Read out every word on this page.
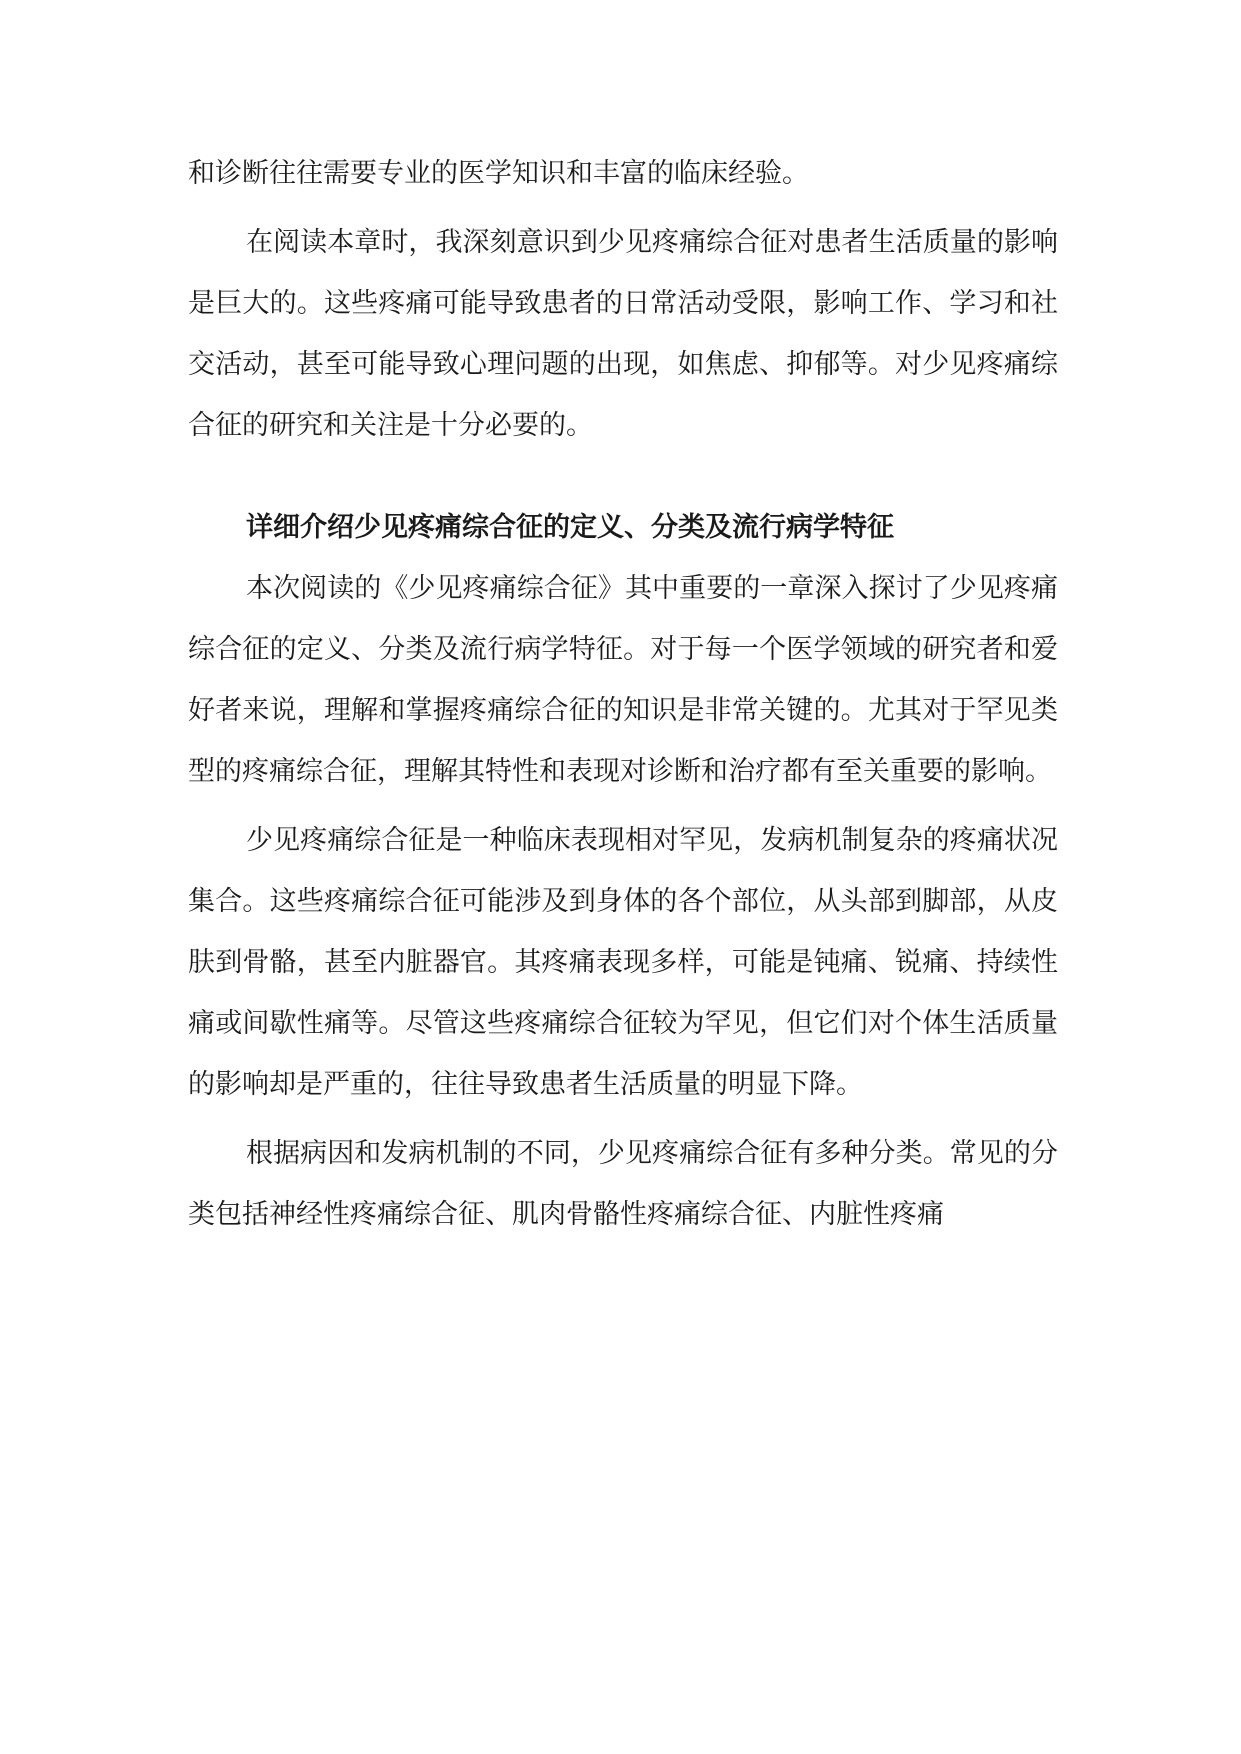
和诊断往往需要专业的医学知识和丰富的临床经验。

在阅读本章时，我深刻意识到少见疼痛综合征对患者生活质量的影响是巨大的。这些疼痛可能导致患者的日常活动受限，影响工作、学习和社交活动，甚至可能导致心理问题的出现，如焦虑、抑郁等。对少见疼痛综合征的研究和关注是十分必要的。

详细介绍少见疼痛综合征的定义、分类及流行病学特征

本次阅读的《少见疼痛综合征》其中重要的一章深入探讨了少见疼痛综合征的定义、分类及流行病学特征。对于每一个医学领域的研究者和爱好者来说，理解和掌握疼痛综合征的知识是非常关键的。尤其对于罕见类型的疼痛综合征，理解其特性和表现对诊断和治疗都有至关重要的影响。

少见疼痛综合征是一种临床表现相对罕见，发病机制复杂的疼痛状况集合。这些疼痛综合征可能涉及到身体的各个部位，从头部到脚部，从皮肤到骨骼，甚至内脏器官。其疼痛表现多样，可能是钝痛、锐痛、持续性痛或间歇性痛等。尽管这些疼痛综合征较为罕见，但它们对个体生活质量的影响却是严重的，往往导致患者生活质量的明显下降。

根据病因和发病机制的不同，少见疼痛综合征有多种分类。常见的分类包括神经性疼痛综合征、肌肉骨骼性疼痛综合征、内脏性疼痛
